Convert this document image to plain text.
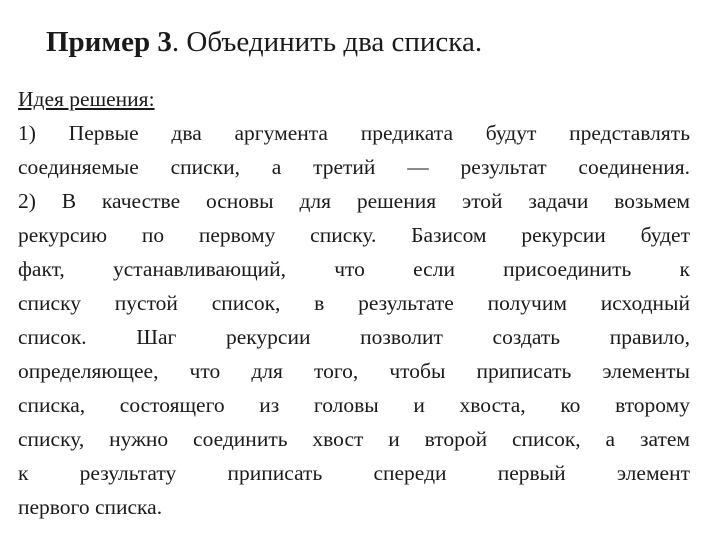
Пример 3. Объединить два списка.
Идея решения:
1) Первые два аргумента предиката будут представлять
соединяемые списки, а третий — результат соединения.
2) В качестве основы для решения этой задачи возьмем
рекурсию по первому списку. Базисом рекурсии будет
факт, устанавливающий, что если присоединить к
списку пустой список, в результате получим исходный
список. Шаг рекурсии позволит создать правило,
определяющее, что для того, чтобы приписать элементы
списка, состоящего из головы и хвоста, ко второму
списку, нужно соединить хвост и второй список, а затем
к результату приписать спереди первый элемент
первого списка.
